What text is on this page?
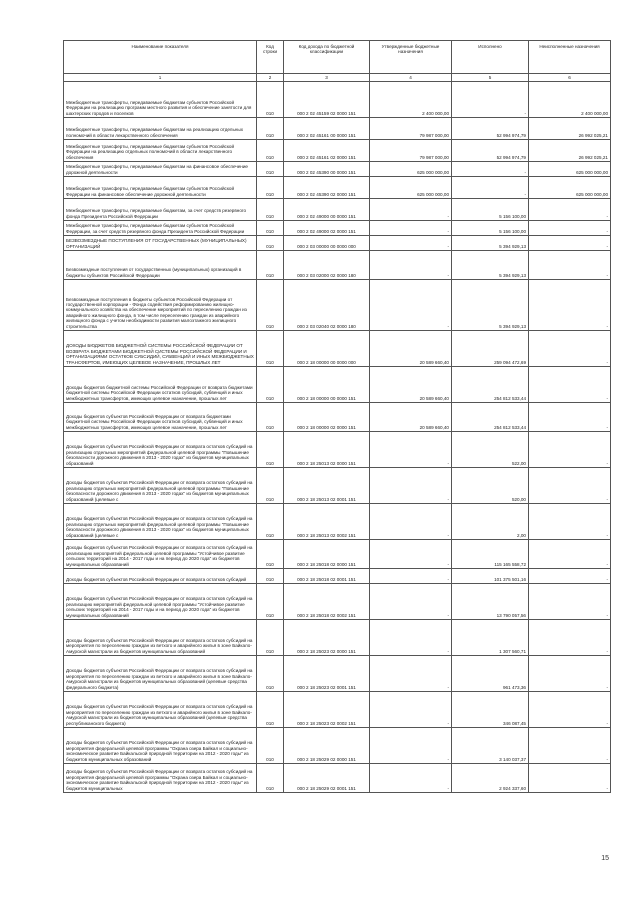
Наименование показателя	Код строки	Код дохода по бюджетной классификации	Утвержденные бюджетные назначения	Исполнено	Неисполненные назначения
1	2	3	4	5	6
Межбюджетные трансферты, передаваемые бюджетам субъектов Российской Федерации на реализацию программ местного развития и обеспечение занятости для шахтерских городов и поселков	010	000 2 02 45159 02 0000 151	2 400 000,00	-	2 400 000,00
Межбюджетные трансферты, передаваемые бюджетам на реализацию отдельных полномочий в области лекарственного обеспечения	010	000 2 02 45161 00 0000 151	79 987 000,00	52 994 974,79	26 992 025,21
Межбюджетные трансферты, передаваемые бюджетам субъектов Российской Федерации на реализацию отдельных полномочий в области лекарственного обеспечения	010	000 2 02 45161 02 0000 151	79 987 000,00	52 994 974,79	26 992 025,21
Межбюджетные трансферты, передаваемые бюджетам на финансовое обеспечение дорожной деятельности	010	000 2 02 45390 00 0000 151	625 000 000,00	-	625 000 000,00
Межбюджетные трансферты, передаваемые бюджетам субъектов Российской Федерации на финансовое обеспечение дорожной деятельности	010	000 2 02 45390 02 0000 151	625 000 000,00	-	625 000 000,00
Межбюджетные трансферты, передаваемые бюджетам, за счет средств резервного фонда Президента Российской Федерации	010	000 2 02 49000 00 0000 151	-	5 156 100,00	-
Межбюджетные трансферты, передаваемые бюджетам субъектов Российской Федерации, за счет средств резервного фонда Президента Российской Федерации	010	000 2 02 49000 02 0000 151	-	5 156 100,00	-
БЕЗВОЗМЕЗДНЫЕ ПОСТУПЛЕНИЯ ОТ ГОСУДАРСТВЕННЫХ (МУНИЦИПАЛЬНЫХ) ОРГАНИЗАЦИЙ	010	000 2 03 00000 00 0000 000	-	5 394 929,13	-
Безвозмездные поступления от государственных (муниципальных) организаций в бюджеты субъектов Российской Федерации	010	000 2 03 02000 02 0000 180	-	5 394 929,13	-
Безвозмездные поступления в бюджеты субъектов Российской Федерации от государственной корпорации - Фонда содействия реформированию жилищно-коммунального хозяйства на обеспечение мероприятий по переселению граждан из аварийного жилищного фонда, в том числе переселению граждан из аварийного жилищного фонда с учетом необходимости развития малоэтажного жилищного строительства	010	000 2 03 02040 02 0000 180	-	5 394 929,13	-
ДОХОДЫ БЮДЖЕТОВ БЮДЖЕТНОЙ СИСТЕМЫ РОССИЙСКОЙ ФЕДЕРАЦИИ ОТ ВОЗВРАТА БЮДЖЕТАМИ БЮДЖЕТНОЙ СИСТЕМЫ РОССИЙСКОЙ ФЕДЕРАЦИИ И ОРГАНИЗАЦИЯМИ ОСТАТКОВ СУБСИДИЙ, СУБВЕНЦИЙ И ИНЫХ МЕЖБЮДЖЕТНЫХ ТРАНСФЕРТОВ, ИМЕЮЩИХ ЦЕЛЕВОЕ НАЗНАЧЕНИЕ, ПРОШЛЫХ ЛЕТ	010	000 2 18 00000 00 0000 000	20 589 660,40	259 094 472,69	-
Доходы бюджетов бюджетной системы Российской Федерации от возврата бюджетами бюджетной системы Российской Федерации остатков субсидий, субвенций и иных межбюджетных трансфертов, имеющих целевое назначение, прошлых лет	010	000 2 18 00000 00 0000 151	20 589 660,40	254 812 533,44	-
Доходы бюджетов субъектов Российской Федерации от возврата бюджетами бюджетной системы Российской Федерации остатков субсидий, субвенций и иных межбюджетных трансфертов, имеющих целевое назначение, прошлых лет	010	000 2 18 00000 02 0000 151	20 589 660,40	254 812 533,44	-
Доходы бюджетов субъектов Российской Федерации от возврата остатков субсидий на реализацию отдельных мероприятий федеральной целевой программы "Повышение безопасности дорожного движения в 2013 - 2020 годах" из бюджетов муниципальных образований	010	000 2 18 25013 02 0000 151	-	522,00	-
Доходы бюджетов субъектов Российской Федерации от возврата остатков субсидий на реализацию отдельных мероприятий федеральной целевой программы "Повышение безопасности дорожного движения в 2013 - 2020 годах" из бюджетов муниципальных образований (целевые с	010	000 2 18 25013 02 0001 151	-	520,00	-
Доходы бюджетов субъектов Российской Федерации от возврата остатков субсидий на реализацию отдельных мероприятий федеральной целевой программы "Повышение безопасности дорожного движения в 2013 - 2020 годах" из бюджетов муниципальных образований (целевые с	010	000 2 18 25013 02 0002 151	-	2,00	-
Доходы бюджетов субъектов Российской Федерации от возврата остатков субсидий на реализацию мероприятий федеральной целевой программы "Устойчивое развитие сельских территорий на 2014 - 2017 годы и на период до 2020 года" из бюджетов муниципальных образований	010	000 2 18 25018 02 0000 151	-	115 165 558,72	-
Доходы бюджетов субъектов Российской Федерации от возврата остатков субсидий	010	000 2 18 25018 02 0001 151	-	101 375 501,16	-
Доходы бюджетов субъектов Российской Федерации от возврата остатков субсидий на реализацию мероприятий федеральной целевой программы "Устойчивое развитие сельских территорий на 2014 - 2017 годы и на период до 2020 года" из бюджетов муниципальных образований	010	000 2 18 25018 02 0002 151	-	13 790 057,56	-
Доходы бюджетов субъектов Российской Федерации от возврата остатков субсидий на мероприятия по переселению граждан из ветхого и аварийного жилья в зоне Байкало-Амурской магистрали из бюджетов муниципальных образований	010	000 2 18 25023 02 0000 151	-	1 307 560,71	-
Доходы бюджетов субъектов Российской Федерации от возврата остатков субсидий на мероприятия по переселению граждан из ветхого и аварийного жилья в зоне Байкало-Амурской магистрали из бюджетов муниципальных образований (целевые средства федерального бюджета)	010	000 2 18 25023 02 0001 151	-	961 473,36	-
Доходы бюджетов субъектов Российской Федерации от возврата остатков субсидий на мероприятия по переселению граждан из ветхого и аварийного жилья в зоне Байкало-Амурской магистрали из бюджетов муниципальных образований (целевые средства республиканского бюджета)	010	000 2 18 25023 02 0002 151	-	346 087,45	-
Доходы бюджетов субъектов Российской Федерации от возврата остатков субсидий на мероприятия федеральной целевой программы "Охрана озера Байкал и социально-экономическое развитие Байкальской природной территории на 2012 - 2020 годы" из бюджетов муниципальных образований	010	000 2 18 25029 02 0000 151	-	3 140 037,37	-
Доходы бюджетов субъектов Российской Федерации от возврата остатков субсидий на мероприятия федеральной целевой программы "Охрана озера Байкал и социально-экономическое развитие Байкальской природной территории на 2012 - 2020 годы" из бюджетов муниципальных	010	000 2 18 25029 02 0001 151	-	2 924 337,60	-
15
